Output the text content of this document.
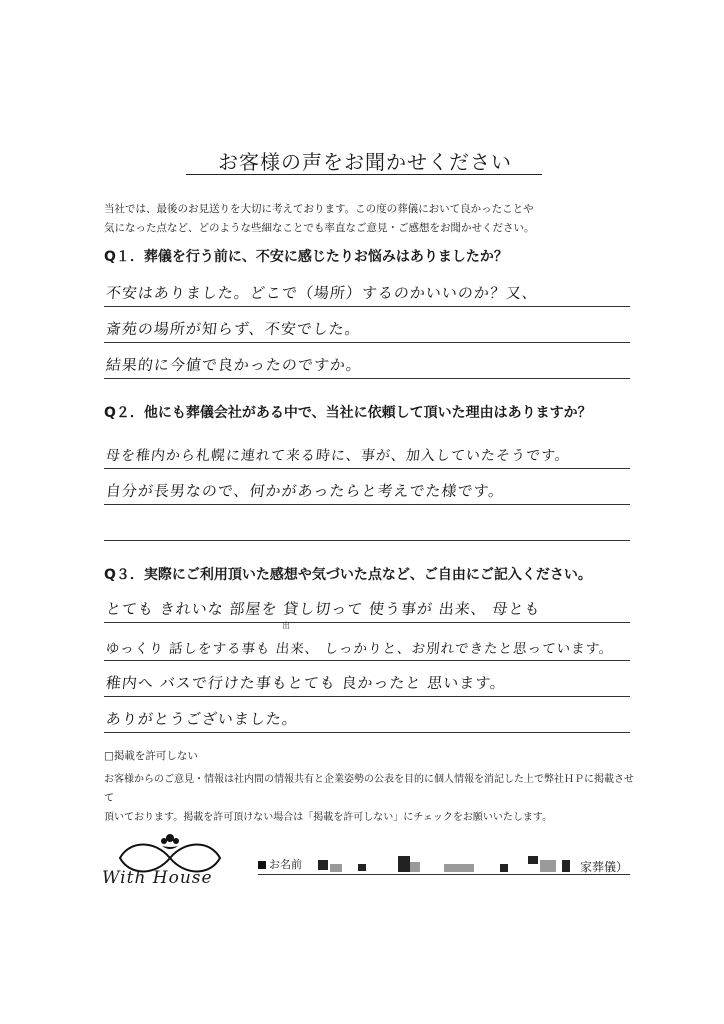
お客様の声をお聞かせください
当社では、最後のお見送りを大切に考えております。この度の葬儀において良かったことや
気になった点など、どのような些細なことでも率直なご意見・ご感想をお聞かせください。
Q１．葬儀を行う前に、不安に感じたりお悩みはありましたか？
不安はありました。どこで（場所）するのかいいのか？又、
斎苑の場所が知らず、不安でした。
結果的に今値で良かったのですか。
Q２．他にも葬儀会社がある中で、当社に依頼して頂いた理由はありますか？
母を稚内から札幌に連れて来る時に、事が、加入していたそうです。
自分が長男なので、何かがあったらと考えでた様です。
Q３．実際にご利用頂いた感想や気づいた点など、ご自由にご記入ください。
出
とても きれいな 部屋を 貸し切って 使う事が 出来、 母とも
ゆっくり 話しをする事も 出来、 しっかりと、お別れできたと思っています。
稚内へ バスで行けた事もとても 良かったと 思います。
ありがとうございました。
□掲載を許可しない
お客様からのご意見・情報は社内間の情報共有と企業姿勢の公表を目的に個人情報を消記した上で弊社ＨＰに掲載させて
頂いております。掲載を許可頂けない場合は「掲載を許可しない」にチェックをお願いいたします。
With House
お名前	家葬儀）
